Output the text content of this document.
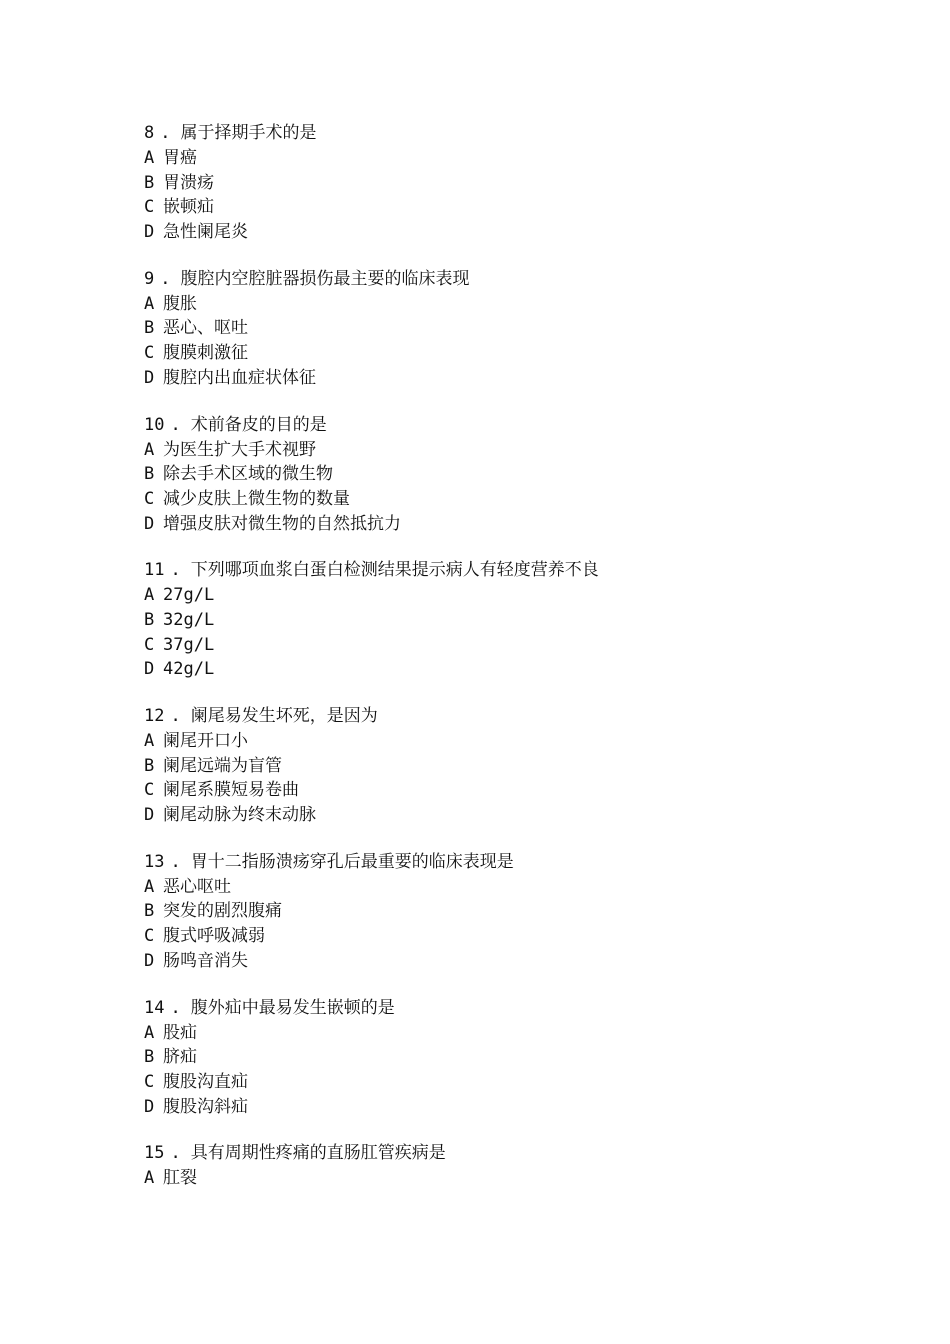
8 . 属于择期手术的是
A 胃癌
B 胃溃疡
C 嵌顿疝
D 急性阑尾炎
9 . 腹腔内空腔脏器损伤最主要的临床表现
A 腹胀
B 恶心、呕吐
C 腹膜刺激征
D 腹腔内出血症状体征
10 . 术前备皮的目的是
A 为医生扩大手术视野
B 除去手术区域的微生物
C 减少皮肤上微生物的数量
D 增强皮肤对微生物的自然抵抗力
11 . 下列哪项血浆白蛋白检测结果提示病人有轻度营养不良
A 27g/L
B 32g/L
C 37g/L
D 42g/L
12 . 阑尾易发生坏死，是因为
A 阑尾开口小
B 阑尾远端为盲管
C 阑尾系膜短易卷曲
D 阑尾动脉为终末动脉
13 . 胃十二指肠溃疡穿孔后最重要的临床表现是
A 恶心呕吐
B 突发的剧烈腹痛
C 腹式呼吸减弱
D 肠鸣音消失
14 . 腹外疝中最易发生嵌顿的是
A 股疝
B 脐疝
C 腹股沟直疝
D 腹股沟斜疝
15 . 具有周期性疼痛的直肠肛管疾病是
A 肛裂
